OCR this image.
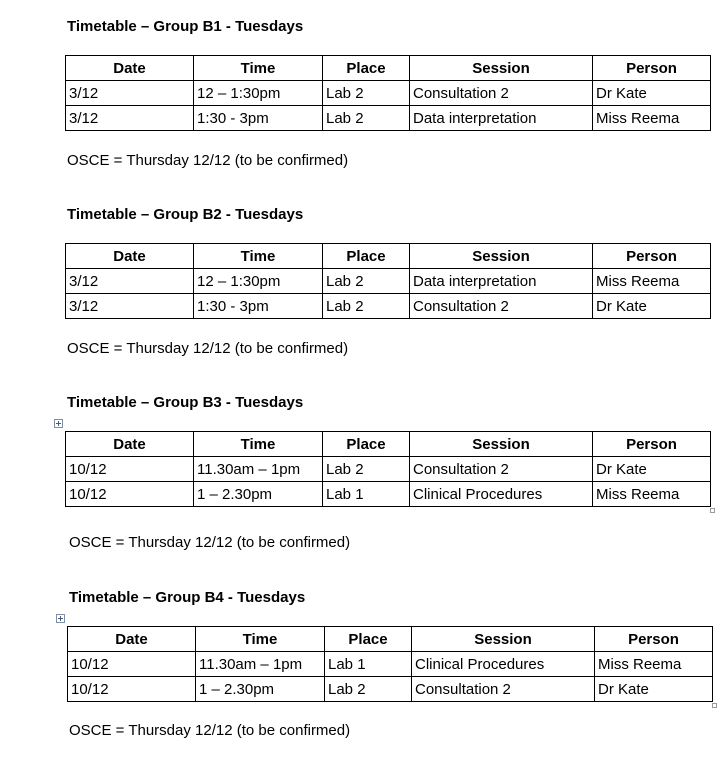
Timetable – Group B1 - Tuesdays
Date	Time	Place	Session	Person
3/12	12 – 1:30pm	Lab 2	Consultation 2	Dr Kate
3/12	1:30 - 3pm	Lab 2	Data interpretation	Miss Reema
OSCE = Thursday 12/12 (to be confirmed)
Timetable – Group B2 - Tuesdays
Date	Time	Place	Session	Person
3/12	12 – 1:30pm	Lab 2	Data interpretation	Miss Reema
3/12	1:30 - 3pm	Lab 2	Consultation 2	Dr Kate
OSCE = Thursday 12/12 (to be confirmed)
Timetable – Group B3 - Tuesdays
Date	Time	Place	Session	Person
10/12	11.30am – 1pm	Lab 2	Consultation 2	Dr Kate
10/12	1 – 2.30pm	Lab 1	Clinical Procedures	Miss Reema
OSCE = Thursday 12/12 (to be confirmed)
Timetable – Group B4 - Tuesdays
Date	Time	Place	Session	Person
10/12	11.30am – 1pm	Lab 1	Clinical Procedures	Miss Reema
10/12	1 – 2.30pm	Lab 2	Consultation 2	Dr Kate
OSCE = Thursday 12/12 (to be confirmed)
